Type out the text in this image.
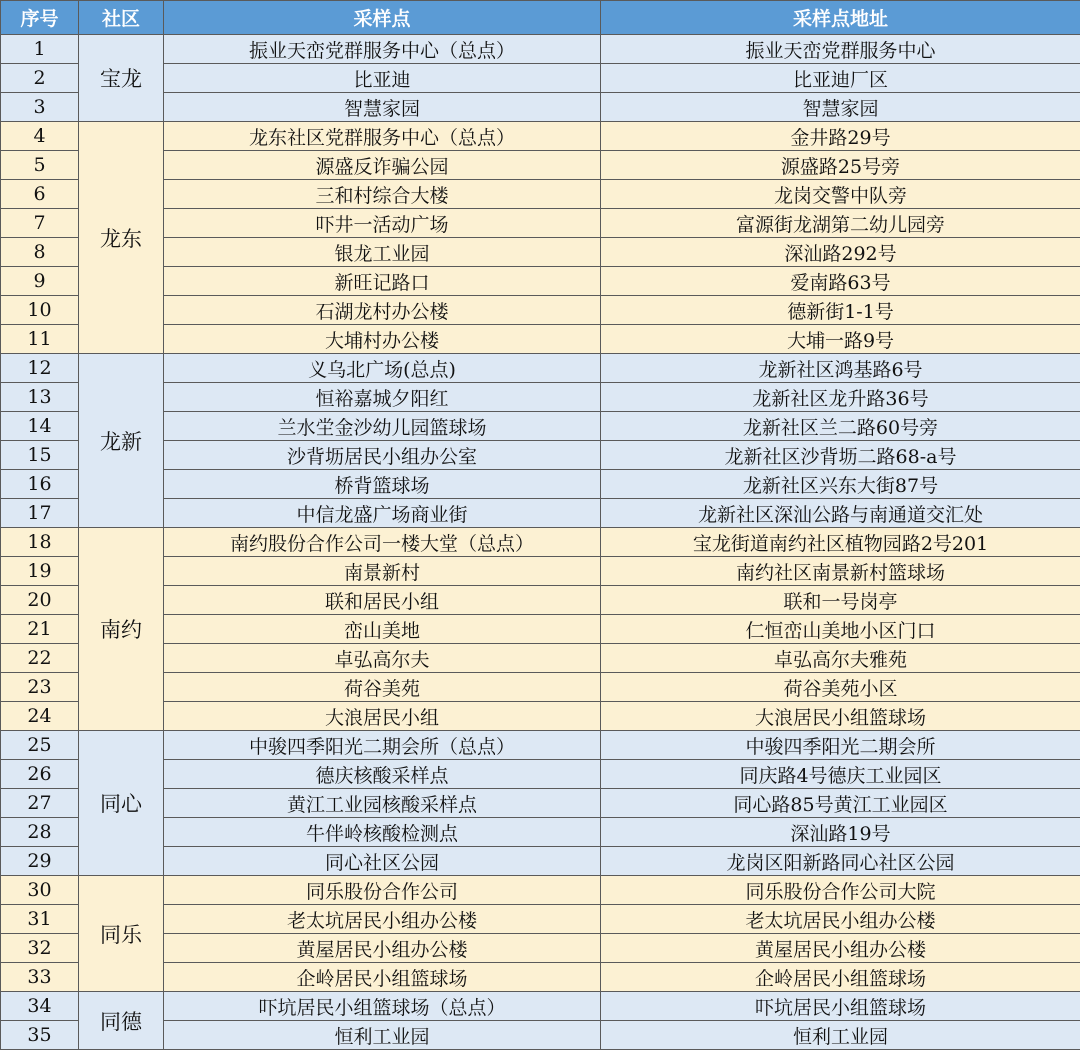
序号	社区	采样点	采样点地址
1	宝龙	振业天峦党群服务中心（总点）	振业天峦党群服务中心
2		比亚迪	比亚迪厂区
3		智慧家园	智慧家园
4	龙东	龙东社区党群服务中心（总点）	金井路29号
5		源盛反诈骗公园	源盛路25号旁
6		三和村综合大楼	龙岗交警中队旁
7		吓井一活动广场	富源街龙湖第二幼儿园旁
8		银龙工业园	深汕路292号
9		新旺记路口	爱南路63号
10		石湖龙村办公楼	德新街1-1号
11		大埔村办公楼	大埔一路9号
12	龙新	义乌北广场(总点)	龙新社区鸿基路6号
13		恒裕嘉城夕阳红	龙新社区龙升路36号
14		兰水坣金沙幼儿园篮球场	龙新社区兰二路60号旁
15		沙背坜居民小组办公室	龙新社区沙背坜二路68-a号
16		桥背篮球场	龙新社区兴东大街87号
17		中信龙盛广场商业街	龙新社区深汕公路与南通道交汇处
18	南约	南约股份合作公司一楼大堂（总点）	宝龙街道南约社区植物园路2号201
19		南景新村	南约社区南景新村篮球场
20		联和居民小组	联和一号岗亭
21		峦山美地	仁恒峦山美地小区门口
22		卓弘高尔夫	卓弘高尔夫雅苑
23		荷谷美苑	荷谷美苑小区
24		大浪居民小组	大浪居民小组篮球场
25	同心	中骏四季阳光二期会所（总点）	中骏四季阳光二期会所
26		德庆核酸采样点	同庆路4号德庆工业园区
27		黄江工业园核酸采样点	同心路85号黄江工业园区
28		牛伴岭核酸检测点	深汕路19号
29		同心社区公园	龙岗区阳新路同心社区公园
30	同乐	同乐股份合作公司	同乐股份合作公司大院
31		老太坑居民小组办公楼	老太坑居民小组办公楼
32		黄屋居民小组办公楼	黄屋居民小组办公楼
33		企岭居民小组篮球场	企岭居民小组篮球场
34	同德	吓坑居民小组篮球场（总点）	吓坑居民小组篮球场
35		恒利工业园	恒利工业园
